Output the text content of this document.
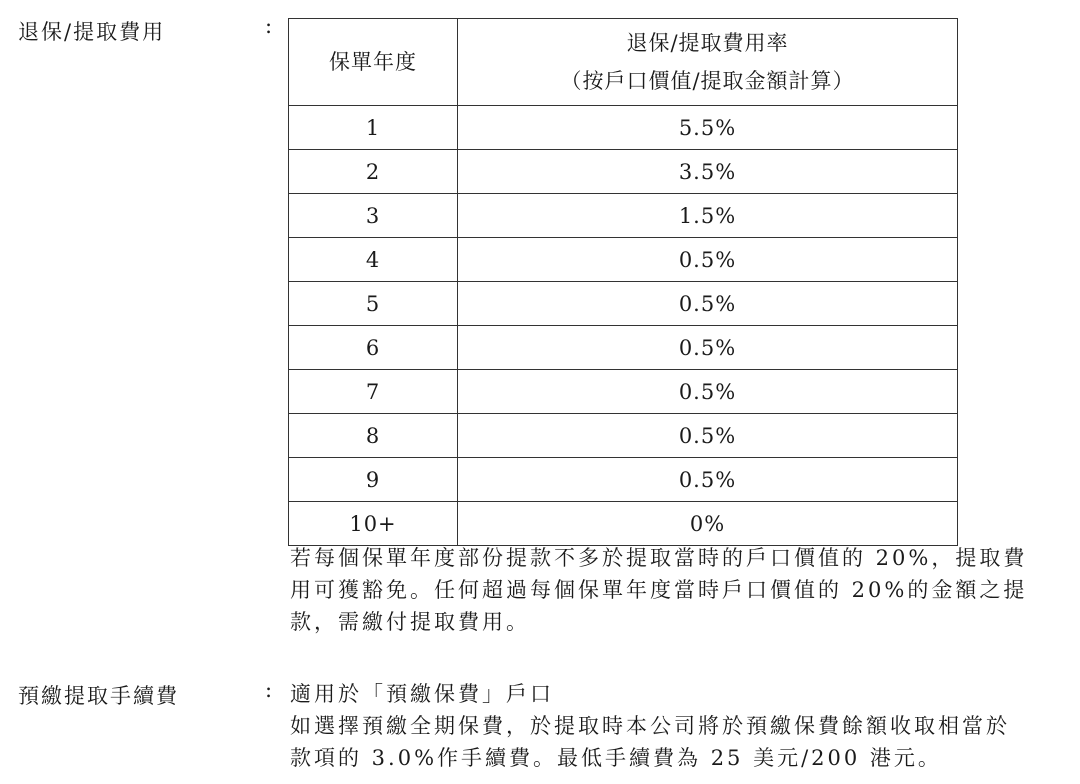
退保/提取費用	:
保單年度	退保/提取費用率
（按戶口價值/提取金額計算）

1	5.5%
2	3.5%
3	1.5%
4	0.5%
5	0.5%
6	0.5%
7	0.5%
8	0.5%
9	0.5%
10+	0%
若每個保單年度部份提款不多於提取當時的戶口價值的 20%，提取費
用可獲豁免。任何超過每個保單年度當時戶口價值的 20%的金額之提
款，需繳付提取費用。
預繳提取手續費	: 適用於「預繳保費」戶口
如選擇預繳全期保費，於提取時本公司將於預繳保費餘額收取相當於
款項的 3.0%作手續費。最低手續費為 25 美元/200 港元。
